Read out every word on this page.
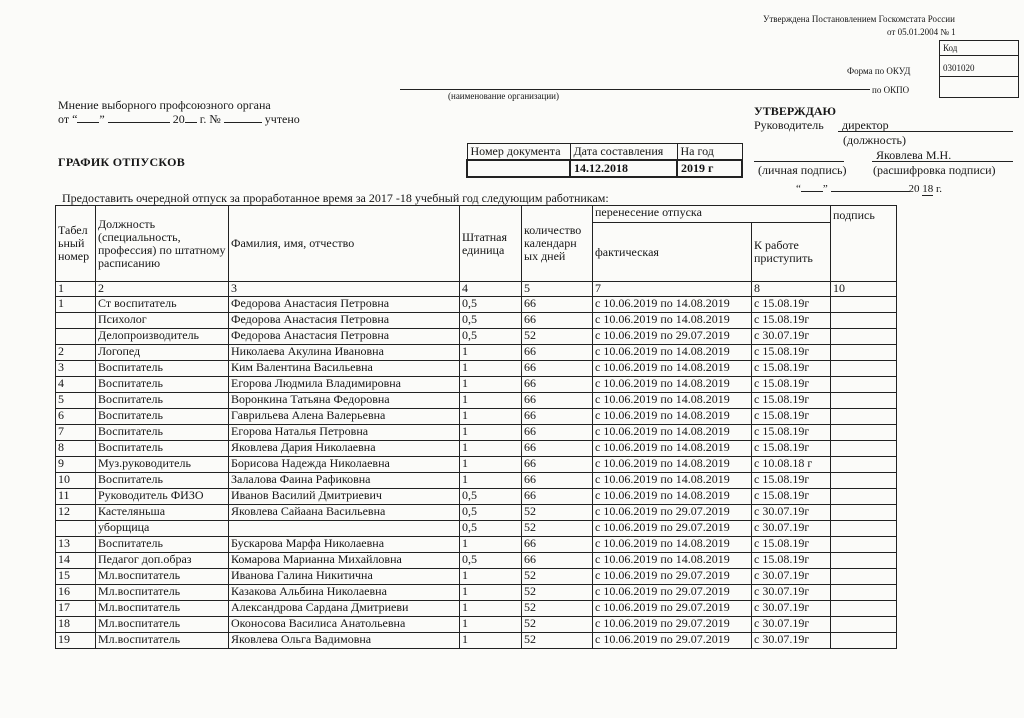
Утверждена Постановлением Госкомстата России
от 05.01.2004 № 1
Код
0301020
Форма по ОКУД
по ОКПО
(наименование организации)
Мнение выборного профсоюзного органа
от “ ”	20 г. №	учтено
УТВЕРЖДАЮ
Руководитель директор
(должность)
Яковлева М.Н.
(личная подпись) (расшифровка подписи)
“ ”	20 18 г.
ГРАФИК ОТПУСКОВ
Номер документа	Дата составления	На год
	14.12.2018	2019 г
Предоставить очередной отпуск за проработанное время за 2017 -18 учебный год следующим работникам:
Табел ьный номер	Должность (специальность, профессия) по штатному расписанию	Фамилия, имя, отчество	Штатная единица	количество календарн ых дней	перенесение отпуска		подпись
					фактическая	К работе приступить	
1	2	3	4	5	7	8	10
1	Ст воспитатель	Федорова Анастасия Петровна	0,5	66	с 10.06.2019 по 14.08.2019	с 15.08.19г	
	Психолог	Федорова Анастасия Петровна	0,5	66	с 10.06.2019 по 14.08.2019	с 15.08.19г	
	Делопроизводитель	Федорова Анастасия Петровна	0,5	52	с 10.06.2019 по 29.07.2019	с 30.07.19г	
2	Логопед	Николаева Акулина Ивановна	1	66	с 10.06.2019 по 14.08.2019	с 15.08.19г	
3	Воспитатель	Ким Валентина Васильевна	1	66	с 10.06.2019 по 14.08.2019	с 15.08.19г	
4	Воспитатель	Егорова Людмила Владимировна	1	66	с 10.06.2019 по 14.08.2019	с 15.08.19г	
5	Воспитатель	Воронкина Татьяна Федоровна	1	66	с 10.06.2019 по 14.08.2019	с 15.08.19г	
6	Воспитатель	Гаврильева Алена Валерьевна	1	66	с 10.06.2019 по 14.08.2019	с 15.08.19г	
7	Воспитатель	Егорова Наталья Петровна	1	66	с 10.06.2019 по 14.08.2019	с 15.08.19г	
8	Воспитатель	Яковлева Дария Николаевна	1	66	с 10.06.2019 по 14.08.2019	с 15.08.19г	
9	Муз.руководитель	Борисова Надежда Николаевна	1	66	с 10.06.2019 по 14.08.2019	с 10.08.18 г	
10	Воспитатель	Залалова Фаина Рафиковна	1	66	с 10.06.2019 по 14.08.2019	с 15.08.19г	
11	Руководитель ФИЗО	Иванов Василий Дмитриевич	0,5	66	с 10.06.2019 по 14.08.2019	с 15.08.19г	
12	Кастеляньша	Яковлева Сайаана Васильевна	0,5	52	с 10.06.2019 по 29.07.2019	с 30.07.19г	
	уборщица		0,5	52	с 10.06.2019 по 29.07.2019	с 30.07.19г	
13	Воспитатель	Бускарова Марфа Николаевна	1	66	с 10.06.2019 по 14.08.2019	с 15.08.19г	
14	Педагог доп.образ	Комарова Марианна Михайловна	0,5	66	с 10.06.2019 по 14.08.2019	с 15.08.19г	
15	Мл.воспитатель	Иванова Галина Никитична	1	52	с 10.06.2019 по 29.07.2019	с 30.07.19г	
16	Мл.воспитатель	Казакова Альбина Николаевна	1	52	с 10.06.2019 по 29.07.2019	с 30.07.19г	
17	Мл.воспитатель	Александрова Сардана Дмитриеви	1	52	с 10.06.2019 по 29.07.2019	с 30.07.19г	
18	Мл.воспитатель	Оконосова Василиса Анатольевна	1	52	с 10.06.2019 по 29.07.2019	с 30.07.19г	
19	Мл.воспитатель	Яковлева Ольга Вадимовна	1	52	с 10.06.2019 по 29.07.2019	с 30.07.19г	
